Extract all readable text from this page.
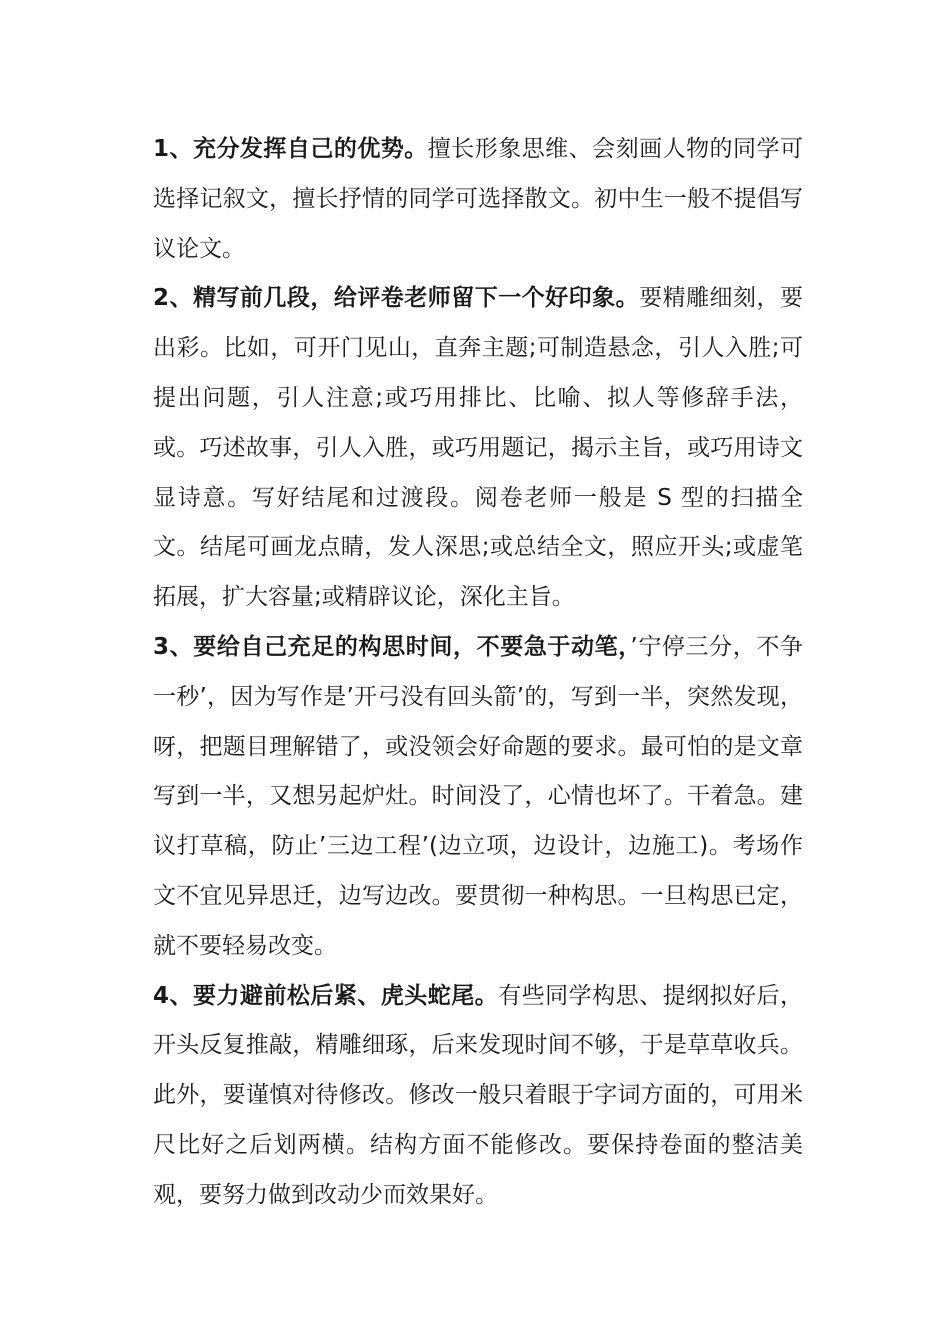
1、充分发挥自己的优势。擅长形象思维、会刻画人物的同学可选择记叙文，擅长抒情的同学可选择散文。初中生一般不提倡写议论文。

2、精写前几段，给评卷老师留下一个好印象。要精雕细刻，要出彩。比如，可开门见山，直奔主题;可制造悬念，引人入胜;可提出问题，引人注意;或巧用排比、比喻、拟人等修辞手法，或。巧述故事，引人入胜，或巧用题记，揭示主旨，或巧用诗文显诗意。写好结尾和过渡段。阅卷老师一般是 S 型的扫描全文。结尾可画龙点睛，发人深思;或总结全文，照应开头;或虚笔拓展，扩大容量;或精辟议论，深化主旨。

3、要给自己充足的构思时间，不要急于动笔，’宁停三分，不争一秒’，因为写作是’开弓没有回头箭’的，写到一半，突然发现，呀，把题目理解错了，或没领会好命题的要求。最可怕的是文章写到一半，又想另起炉灶。时间没了，心情也坏了。干着急。建议打草稿，防止’三边工程’(边立项，边设计，边施工)。考场作文不宜见异思迁，边写边改。要贯彻一种构思。一旦构思已定，就不要轻易改变。

4、要力避前松后紧、虎头蛇尾。有些同学构思、提纲拟好后，开头反复推敲，精雕细琢，后来发现时间不够，于是草草收兵。此外，要谨慎对待修改。修改一般只着眼于字词方面的，可用米尺比好之后划两横。结构方面不能修改。要保持卷面的整洁美观，要努力做到改动少而效果好。
